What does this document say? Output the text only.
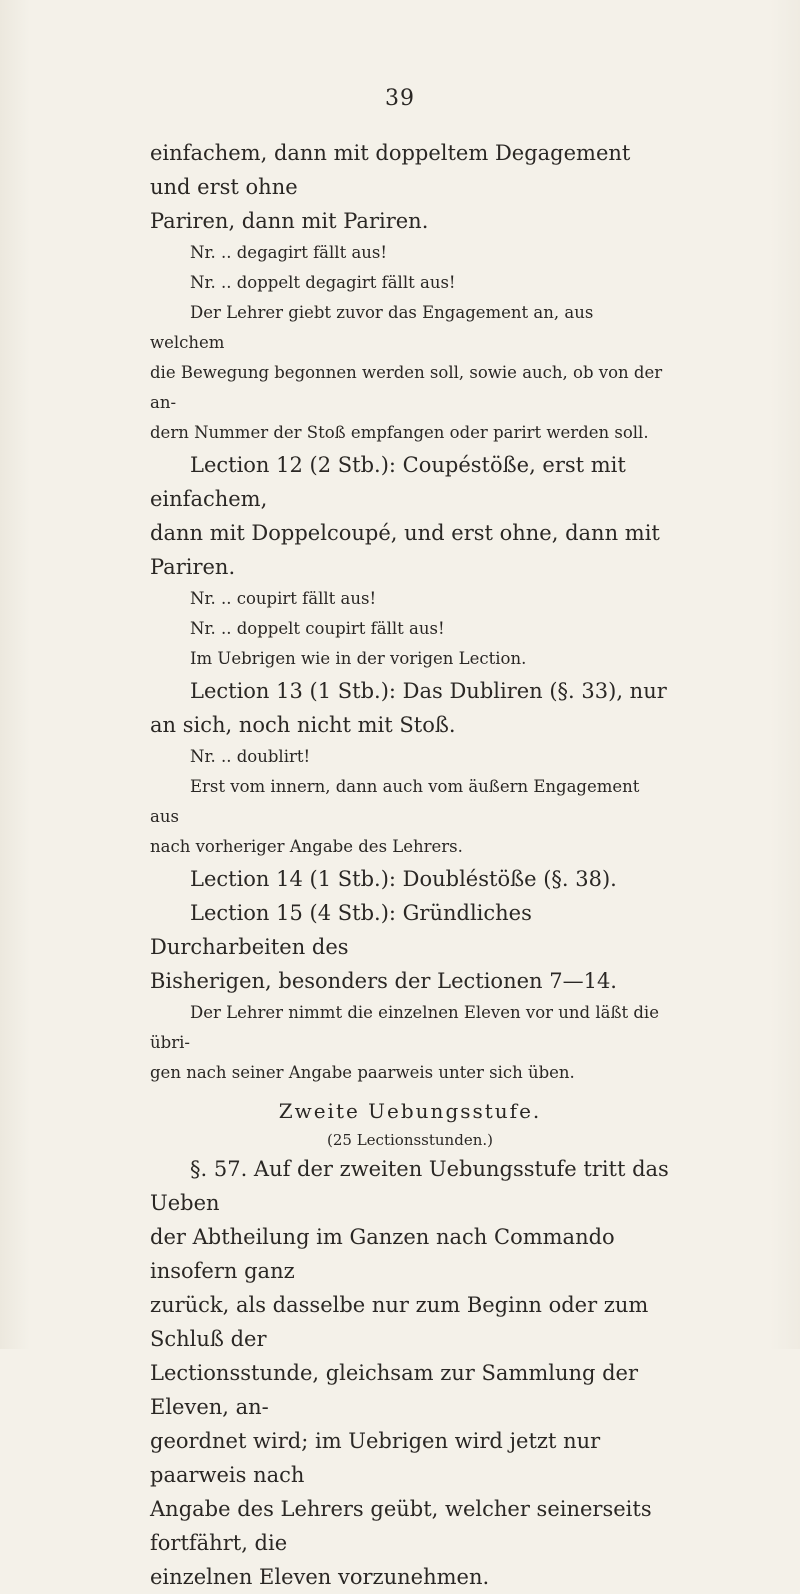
39

einfachem, dann mit doppeltem Degagement und erst ohne

Pariren, dann mit Pariren.

Nr. .. degagirt fällt aus!

Nr. .. doppelt degagirt fällt aus!

Der Lehrer giebt zuvor das Engagement an, aus welchem

die Bewegung begonnen werden soll, sowie auch, ob von der an-

dern Nummer der Stoß empfangen oder parirt werden soll.

Lection 12 (2 Stb.): Coupéstöße, erst mit einfachem,

dann mit Doppelcoupé, und erst ohne, dann mit Pariren.

Nr. .. coupirt fällt aus!

Nr. .. doppelt coupirt fällt aus!

Im Uebrigen wie in der vorigen Lection.

Lection 13 (1 Stb.): Das Dubliren (§. 33), nur

an sich, noch nicht mit Stoß.

Nr. .. doublirt!

Erst vom innern, dann auch vom äußern Engagement aus

nach vorheriger Angabe des Lehrers.

Lection 14 (1 Stb.): Doubléstöße (§. 38).

Lection 15 (4 Stb.): Gründliches Durcharbeiten des

Bisherigen, besonders der Lectionen 7—14.

Der Lehrer nimmt die einzelnen Eleven vor und läßt die übri-

gen nach seiner Angabe paarweis unter sich üben.

Zweite Uebungsstufe.

(25 Lectionsstunden.)

§. 57. Auf der zweiten Uebungsstufe tritt das Ueben

der Abtheilung im Ganzen nach Commando insofern ganz

zurück, als dasselbe nur zum Beginn oder zum Schluß der

Lectionsstunde, gleichsam zur Sammlung der Eleven, an-

geordnet wird; im Uebrigen wird jetzt nur paarweis nach

Angabe des Lehrers geübt, welcher seinerseits fortfährt, die

einzelnen Eleven vorzunehmen.
